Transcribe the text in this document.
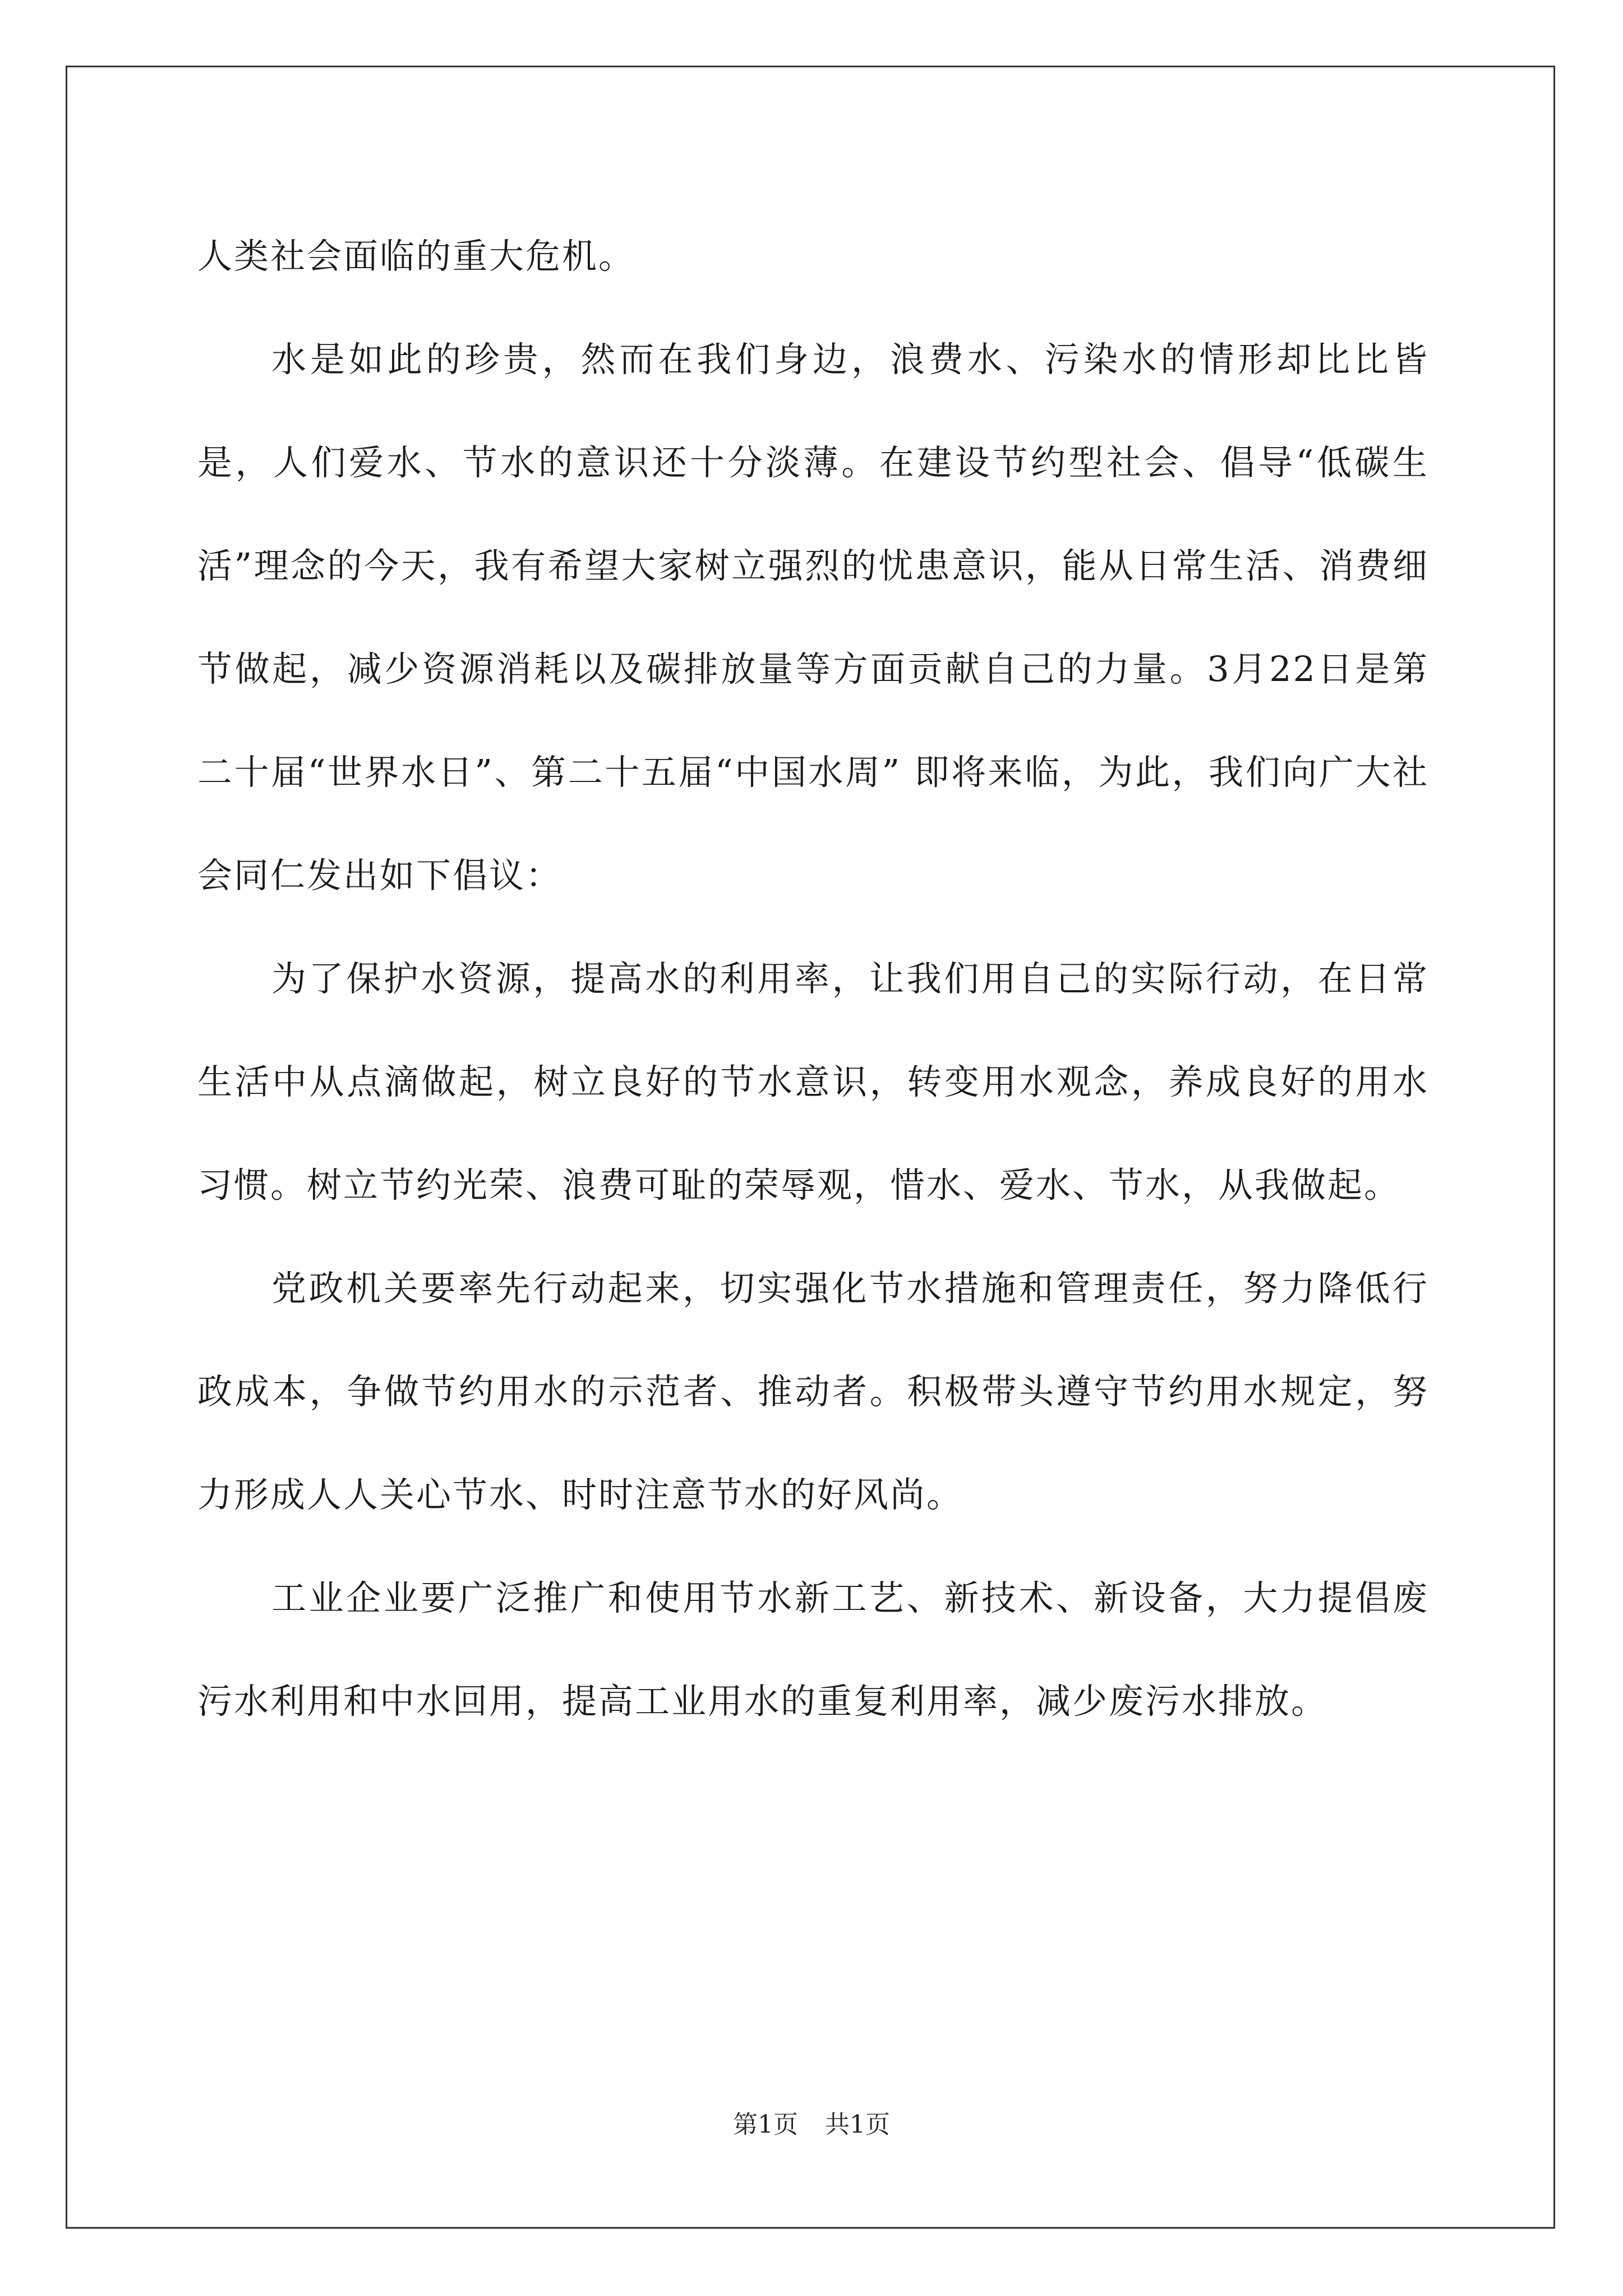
人类社会面临的重大危机。

水是如此的珍贵，然而在我们身边，浪费水、污染水的情形却比比皆是，人们爱水、节水的意识还十分淡薄。在建设节约型社会、倡导“低碳生活”理念的今天，我有希望大家树立强烈的忧患意识，能从日常生活、消费细节做起，减少资源消耗以及碳排放量等方面贡献自己的力量。3月22日是第二十届“世界水日”、第二十五届“中国水周” 即将来临，为此，我们向广大社会同仁发出如下倡议：

为了保护水资源，提高水的利用率，让我们用自己的实际行动，在日常生活中从点滴做起，树立良好的节水意识，转变用水观念，养成良好的用水习惯。树立节约光荣、浪费可耻的荣辱观，惜水、爱水、节水，从我做起。

党政机关要率先行动起来，切实强化节水措施和管理责任，努力降低行政成本，争做节约用水的示范者、推动者。积极带头遵守节约用水规定，努力形成人人关心节水、时时注意节水的好风尚。

工业企业要广泛推广和使用节水新工艺、新技术、新设备，大力提倡废污水利用和中水回用，提高工业用水的重复利用率，减少废污水排放。

第1页 共1页
